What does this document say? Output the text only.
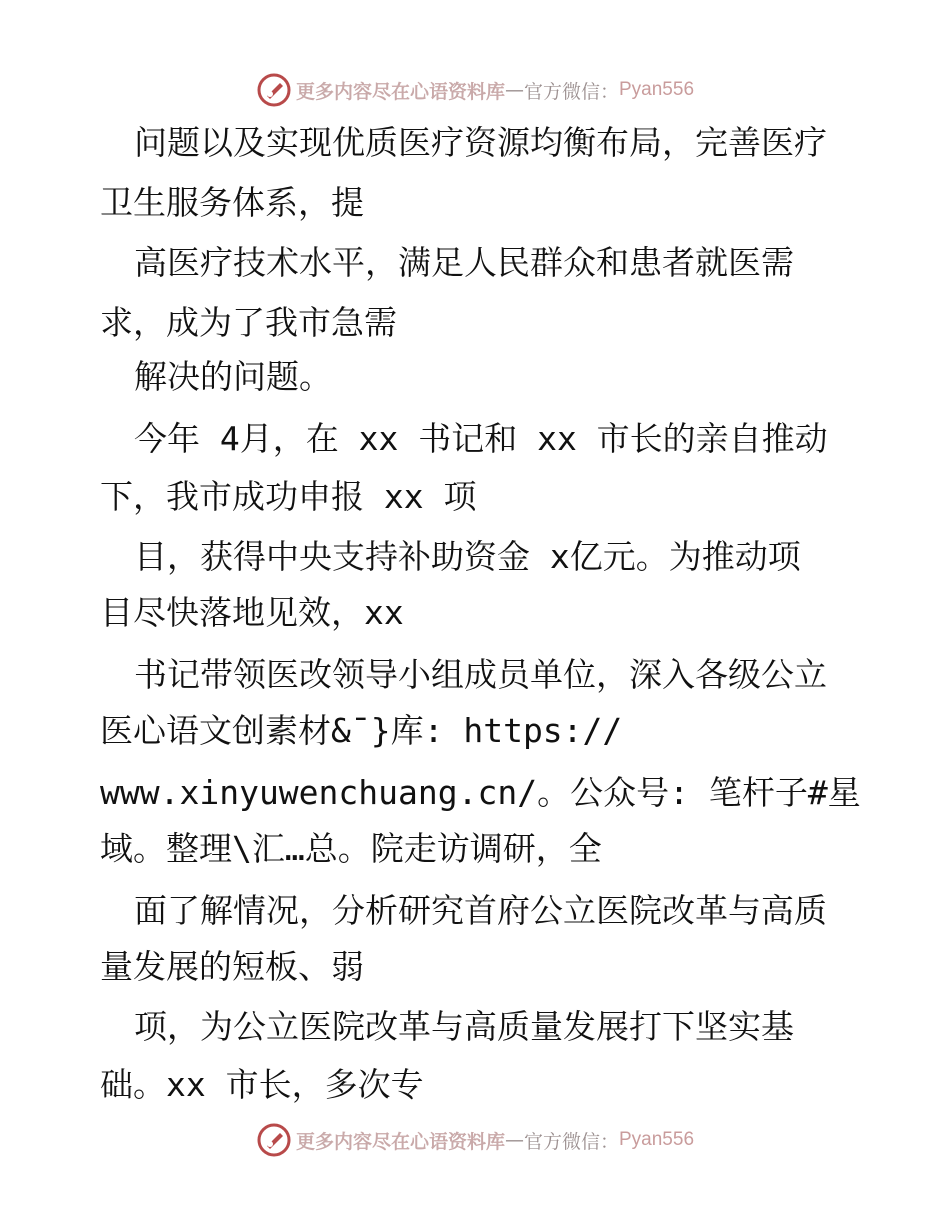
更多内容尽在心语资料库 — 官方微信： Pyan556
问题以及实现优质医疗资源均衡布局，完善医疗
卫生服务体系，提
高医疗技术水平，满足人民群众和患者就医需
求，成为了我市急需
解决的问题。
今年 4月，在 xx 书记和 xx 市长的亲自推动
下，我市成功申报 xx 项
目，获得中央支持补助资金 x亿元。为推动项
目尽快落地见效，xx
书记带领医改领导小组成员单位，深入各级公立
医心语文创素材&¯}库: https://
www.xinyuwenchuang.cn/。公众号: 笔杆子#星
域。整理\汇…总。院走访调研，全
面了解情况，分析研究首府公立医院改革与高质
量发展的短板、弱
项，为公立医院改革与高质量发展打下坚实基
础。xx 市长，多次专
更多内容尽在心语资料库 — 官方微信： Pyan556
